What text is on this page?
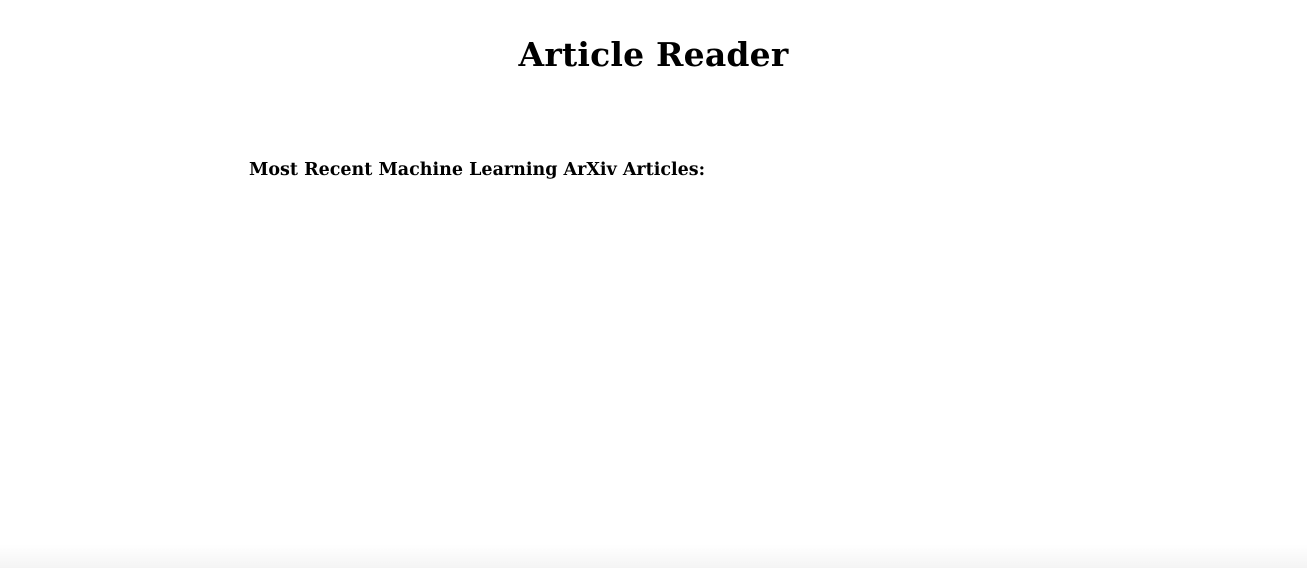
Article Reader
Most Recent Machine Learning ArXiv Articles:
